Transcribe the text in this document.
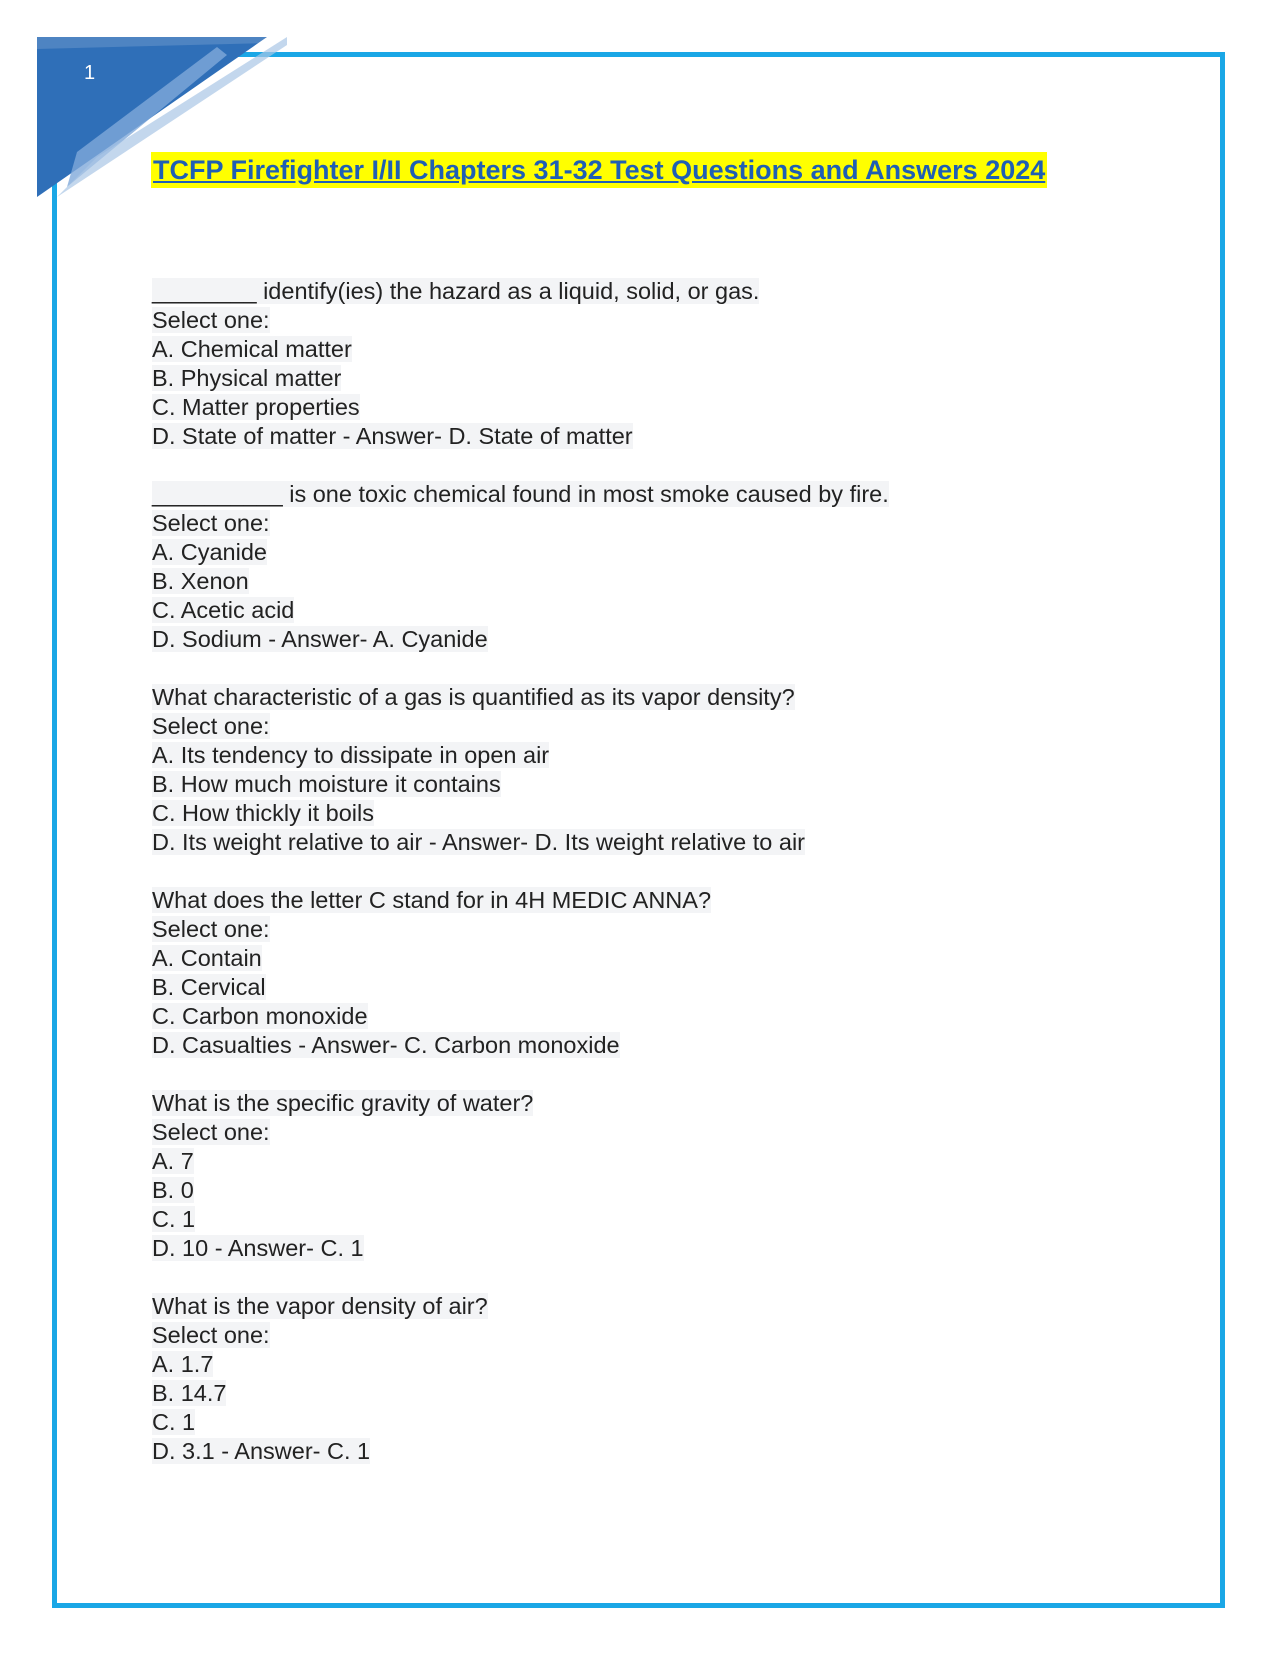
1
TCFP Firefighter I/II Chapters 31-32 Test Questions and Answers 2024
________ identify(ies) the hazard as a liquid, solid, or gas.
Select one:
A. Chemical matter
B. Physical matter
C. Matter properties
D. State of matter - Answer- D. State of matter
__________ is one toxic chemical found in most smoke caused by fire.
Select one:
A. Cyanide
B. Xenon
C. Acetic acid
D. Sodium - Answer- A. Cyanide
What characteristic of a gas is quantified as its vapor density?
Select one:
A. Its tendency to dissipate in open air
B. How much moisture it contains
C. How thickly it boils
D. Its weight relative to air - Answer- D. Its weight relative to air
What does the letter C stand for in 4H MEDIC ANNA?
Select one:
A. Contain
B. Cervical
C. Carbon monoxide
D. Casualties - Answer- C. Carbon monoxide
What is the specific gravity of water?
Select one:
A. 7
B. 0
C. 1
D. 10 - Answer- C. 1
What is the vapor density of air?
Select one:
A. 1.7
B. 14.7
C. 1
D. 3.1 - Answer- C. 1
